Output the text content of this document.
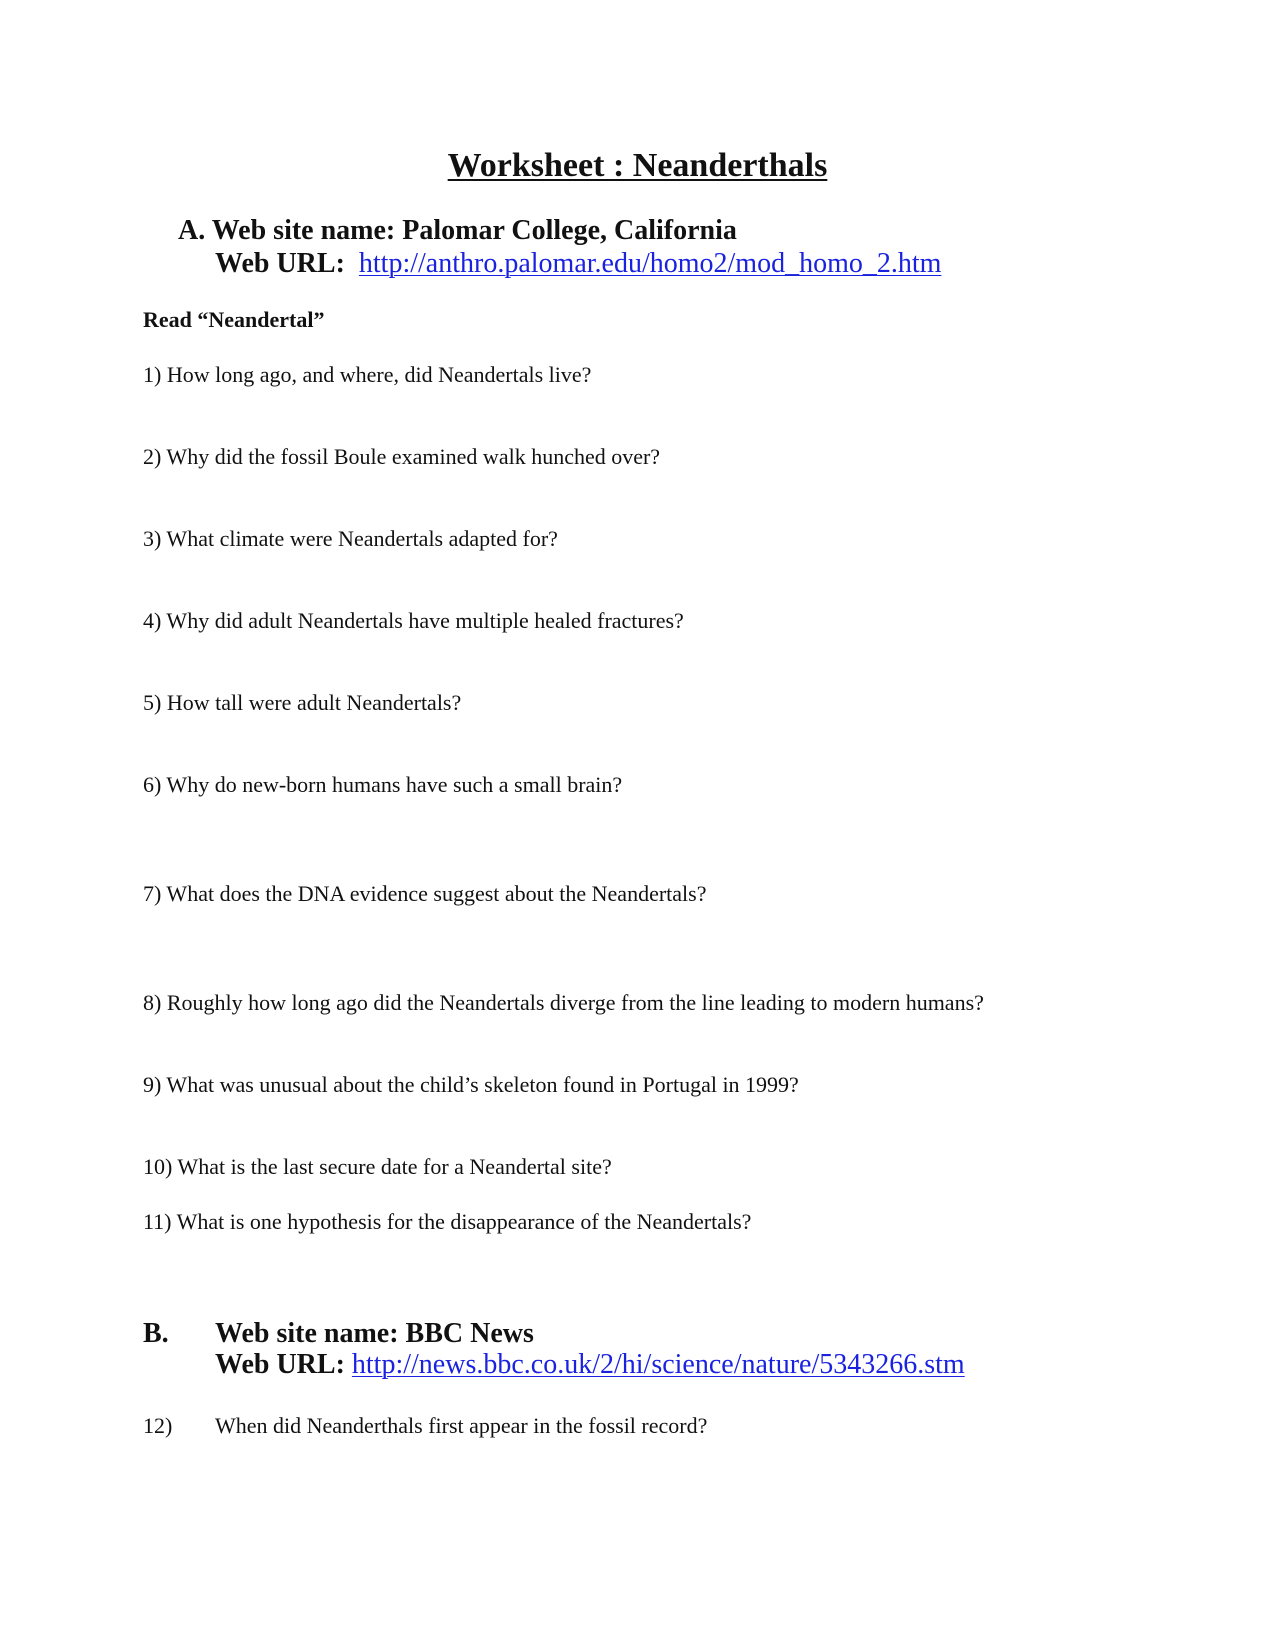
Worksheet : Neanderthals
A. Web site name: Palomar College, California
Web URL: http://anthro.palomar.edu/homo2/mod_homo_2.htm
Read “Neandertal”
1) How long ago, and where, did Neandertals live?
2) Why did the fossil Boule examined walk hunched over?
3) What climate were Neandertals adapted for?
4) Why did adult Neandertals have multiple healed fractures?
5) How tall were adult Neandertals?
6) Why do new-born humans have such a small brain?
7) What does the DNA evidence suggest about the Neandertals?
8) Roughly how long ago did the Neandertals diverge from the line leading to modern humans?
9) What was unusual about the child’s skeleton found in Portugal in 1999?
10) What is the last secure date for a Neandertal site?
11) What is one hypothesis for the disappearance of the Neandertals?
B. Web site name: BBC News
Web URL: http://news.bbc.co.uk/2/hi/science/nature/5343266.stm
12) When did Neanderthals first appear in the fossil record?
